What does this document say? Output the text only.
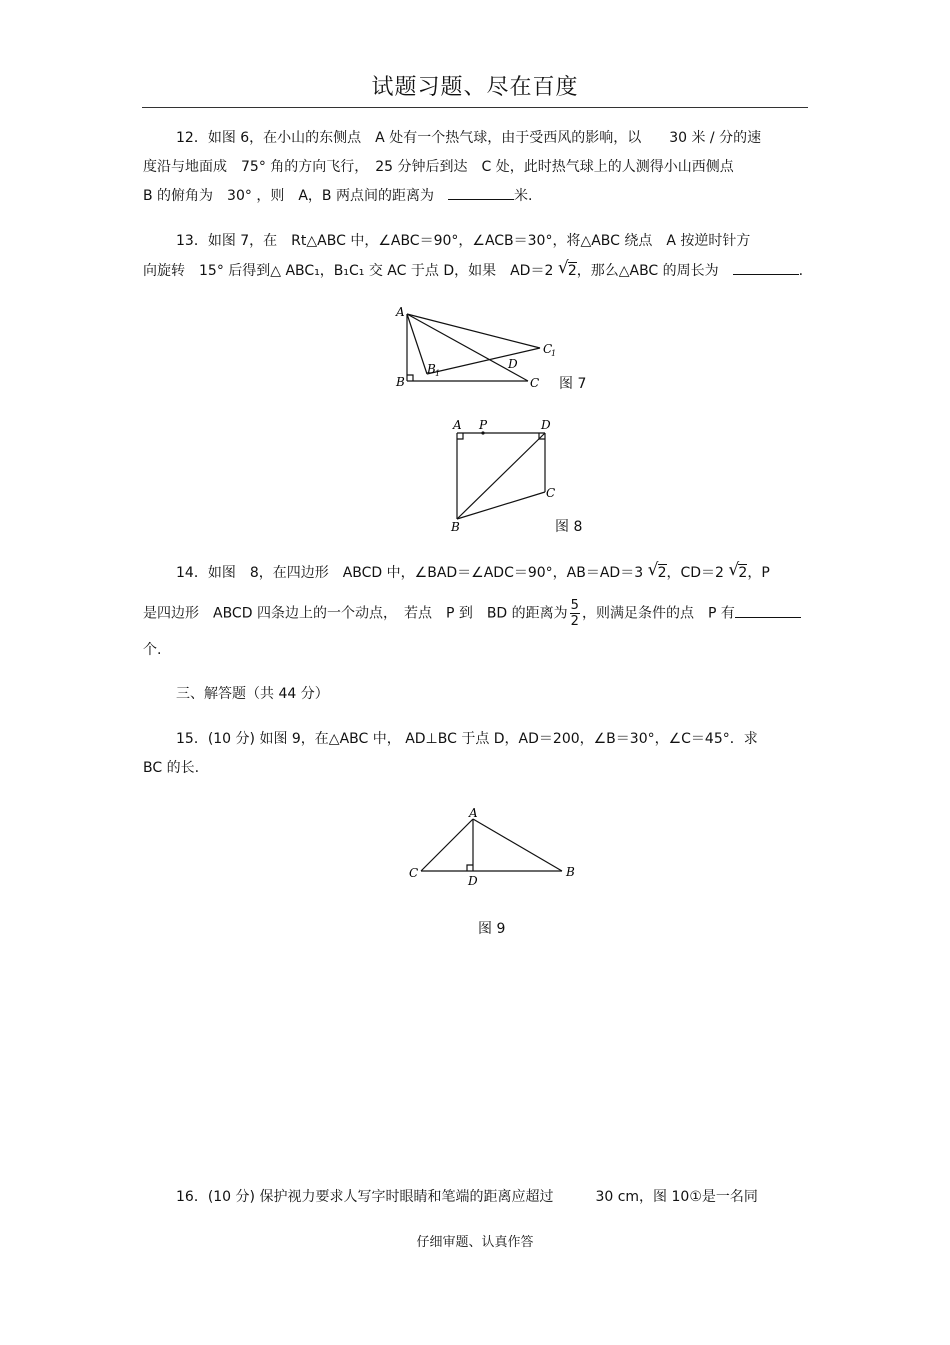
试题习题、尽在百度
12．如图 6，在小山的东侧点　A 处有一个热气球，由于受西风的影响，以　　30 米 / 分的速
度沿与地面成　75° 角的方向飞行，　25 分钟后到达　C 处，此时热气球上的人测得小山西侧点
B 的俯角为　30° ，则　A，B 两点间的距离为　	米.
13．如图 7，在　Rt△ABC 中，∠ABC＝90°，∠ACB＝30°，将△ABC 绕点　A 按逆时针方
向旋转　15° 后得到△ ABC₁，B₁C₁ 交 AC 于点 D，如果　AD＝2 √ 2，那么△ABC 的周长为　	.
A
B
B 1
C
C
1
D
图 7
A P	D
C
B	图 8
14．如图　8，在四边形　ABCD 中，∠BAD＝∠ADC＝90°，AB＝AD＝3 √ 2，CD＝2 √ 2，P
是四边形　ABCD 四条边上的一个动点，　若点　P 到　BD 的距离为 $\frac{5}{2}$ ，则满足条件的点　P 有
个.
三、解答题（共 44 分）
15．(10 分) 如图 9，在△ABC 中， AD⊥BC 于点 D，AD＝200，∠B＝30°，∠C＝45°．求
BC 的长.
A
C	B
D
图 9
16．(10 分) 保护视力要求人写字时眼睛和笔端的距离应超过　　　30 cm，图 10①是一名同
仔细审题、认真作答
